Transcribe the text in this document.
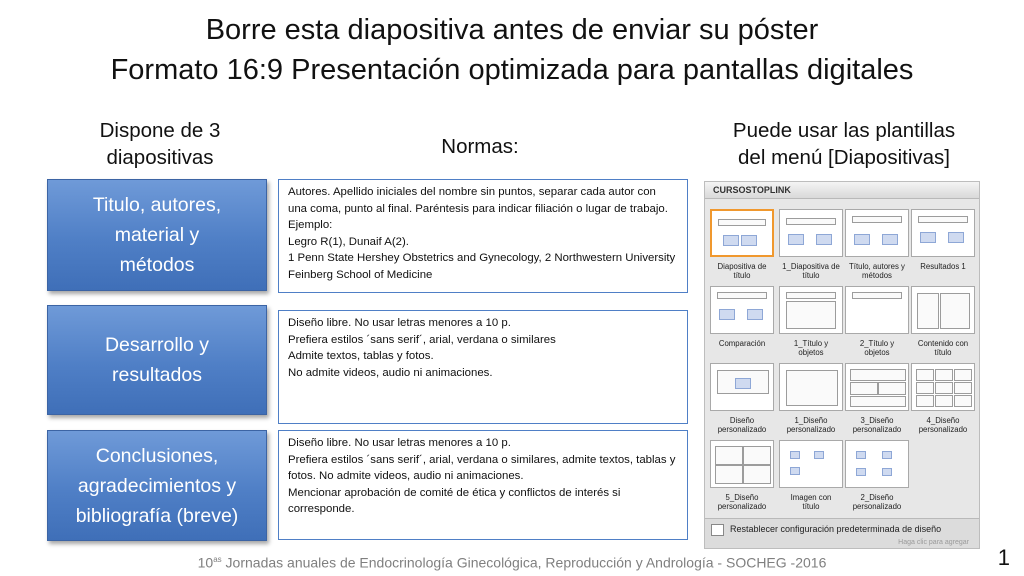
Borre esta diapositiva antes de enviar su póster
Formato 16:9 Presentación optimizada para pantallas digitales
Dispone de 3
diapositivas	Normas:
Puede usar las plantillas
del menú [Diapositivas]
Titulo, autores,
material y
métodos
Desarrollo y
resultados
Conclusiones,
agradecimientos y
bibliografía (breve)
Autores. Apellido iniciales del nombre sin puntos, separar cada autor con una coma, punto al final. Paréntesis para indicar filiación o lugar de trabajo. Ejemplo:
Legro R(1), Dunaif A(2).
1 Penn State Hershey Obstetrics and Gynecology, 2 Northwestern University Feinberg School of Medicine
Diseño libre. No usar letras menores a 10 p.
Prefiera estilos ´sans serif´, arial, verdana o similares
Admite textos, tablas y fotos.
No admite videos, audio ni animaciones.
Diseño libre. No usar letras menores a 10 p.
Prefiera estilos ´sans serif´, arial, verdana o similares, admite textos, tablas y fotos. No admite videos, audio ni animaciones.
Mencionar aprobación de comité de ética y conflictos de interés si corresponde.
CURSOSTOPLINK
Diapositiva de
título
1_Diapositiva de
título
Título, autores y
métodos
Resultados 1
Comparación	1_Título y
objetos
2_Título y
objetos
Contenido con
título
Diseño
personalizado
1_Diseño
personalizado
3_Diseño
personalizado
4_Diseño
personalizado
5_Diseño
personalizado
Imagen con
título
2_Diseño
personalizado
Restablecer configuración predeterminada de diseño
Haga clic para agregar
$10^{as}$ Jornadas anuales de Endocrinología Ginecológica, Reproducción y Andrología - SOCHEG -2016	1
